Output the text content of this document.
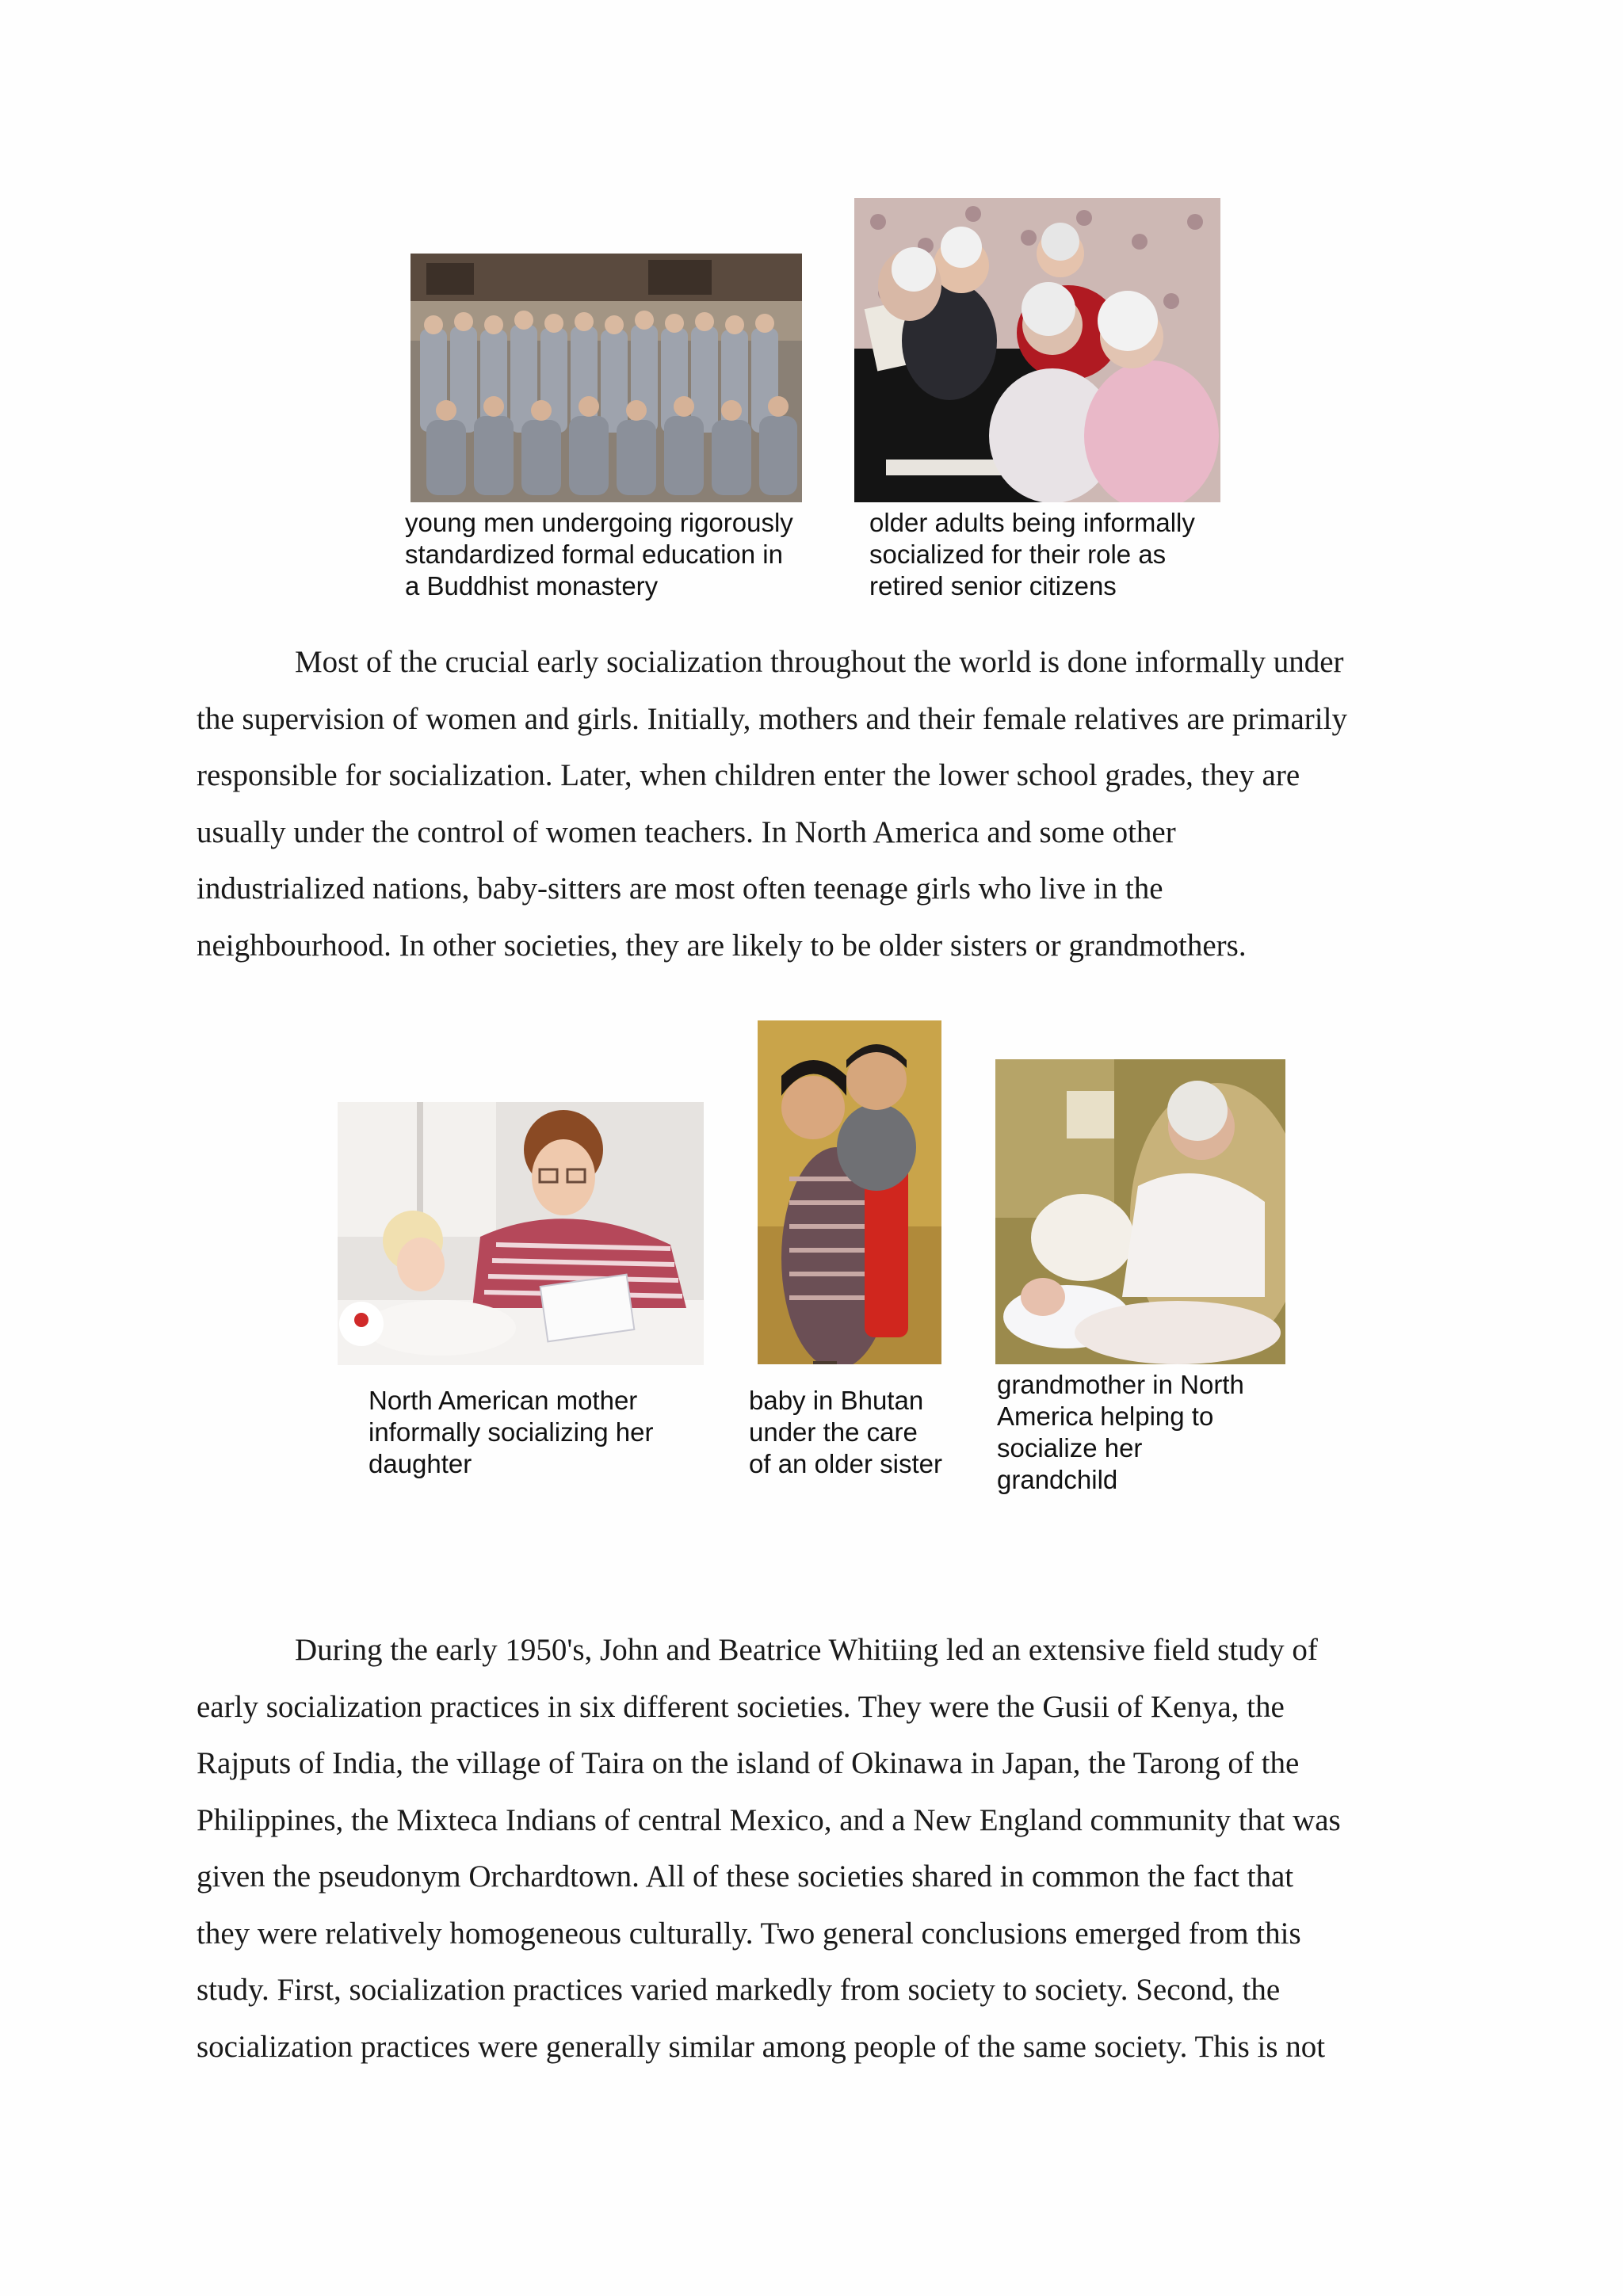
young men undergoing rigorously
standardized formal education in
a Buddhist monastery
older adults being informally
socialized for their role as
retired senior citizens
Most of the crucial early socialization throughout the world is done informally under
the supervision of women and girls. Initially, mothers and their female relatives are primarily
responsible for socialization. Later, when children enter the lower school grades, they are
usually under the control of women teachers. In North America and some other
industrialized nations, baby-sitters are most often teenage girls who live in the
neighbourhood. In other societies, they are likely to be older sisters or grandmothers.
North American mother
informally socializing her
daughter
baby in Bhutan
under the care
of an older sister
grandmother in North
America helping to
socialize her
grandchild
During the early 1950's, John and Beatrice Whitiing led an extensive field study of
early socialization practices in six different societies. They were the Gusii of Kenya, the
Rajputs of India, the village of Taira on the island of Okinawa in Japan, the Tarong of the
Philippines, the Mixteca Indians of central Mexico, and a New England community that was
given the pseudonym Orchardtown. All of these societies shared in common the fact that
they were relatively homogeneous culturally. Two general conclusions emerged from this
study. First, socialization practices varied markedly from society to society. Second, the
socialization practices were generally similar among people of the same society. This is not
